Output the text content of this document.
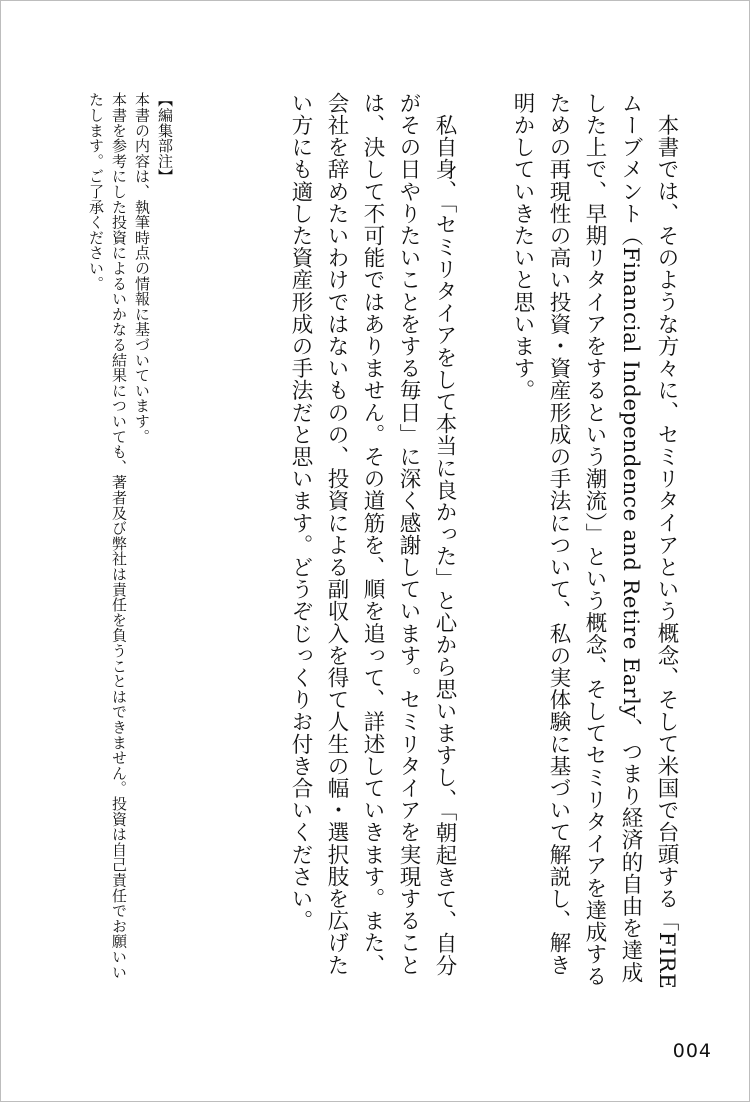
本書では、そのような方々に、セミリタイアという概念、そして米国で台頭する「FIREムーブメント（Financial Independence and Retire Early、つまり経済的自由を達成した上で、早期リタイアをするという潮流）」という概念、そしてセミリタイアを達成するための再現性の高い投資・資産形成の手法について、私の実体験に基づいて解説し、解き明かしていきたいと思います。

私自身、「セミリタイアをして本当に良かった」と心から思いますし、「朝起きて、自分がその日やりたいことをする毎日」に深く感謝しています。セミリタイアを実現することは、決して不可能ではありません。その道筋を、順を追って、詳述していきます。また、会社を辞めたいわけではないものの、投資による副収入を得て人生の幅・選択肢を広げたい方にも適した資産形成の手法だと思います。どうぞじっくりお付き合いください。

【編集部注】

本書の内容は、執筆時点の情報に基づいています。

本書を参考にした投資によるいかなる結果についても、著者及び弊社は責任を負うことはできません。投資は自己責任でお願いいたします。ご了承ください。

004
